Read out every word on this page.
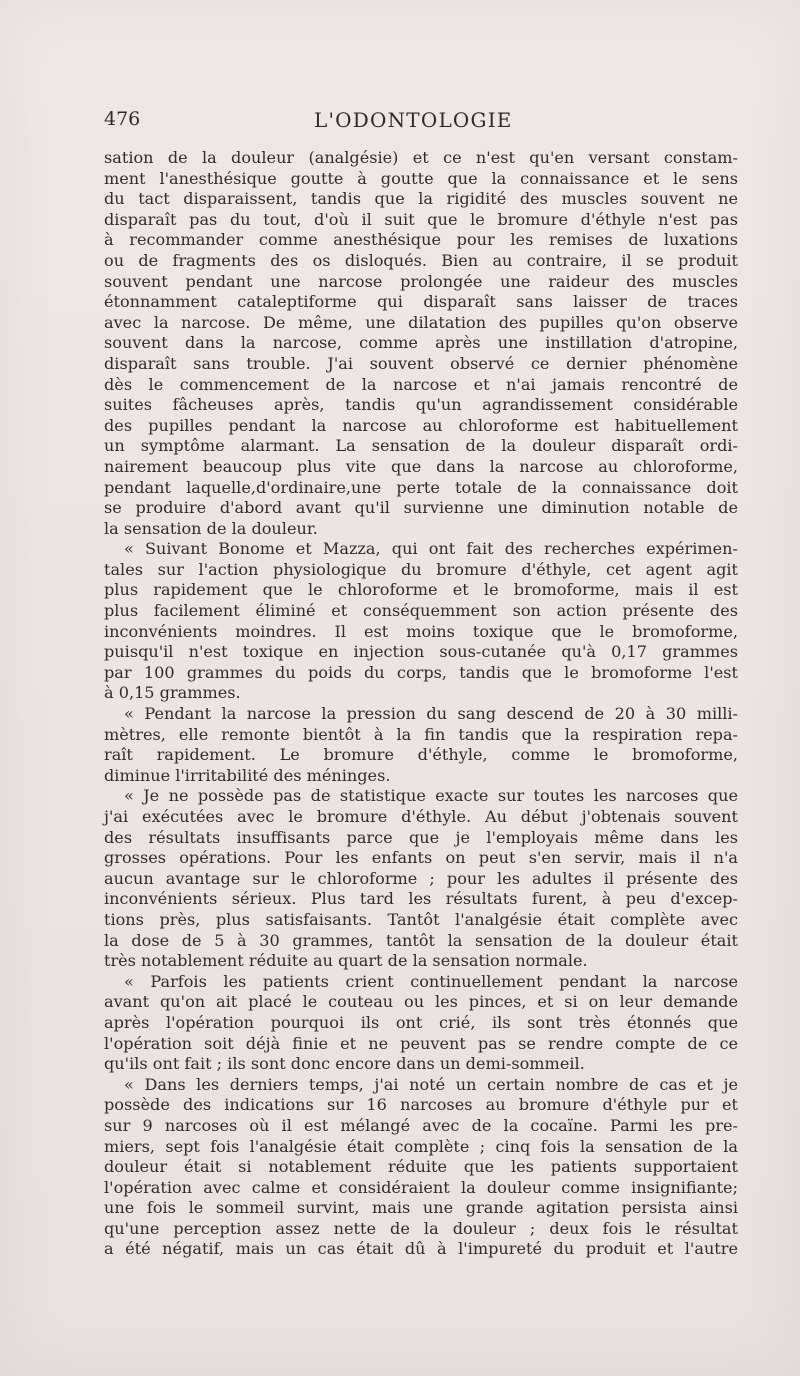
476	L'ODONTOLOGIE
sation de la douleur (analgésie) et ce n'est qu'en versant constam-
ment l'anesthésique goutte à goutte que la connaissance et le sens
du tact disparaissent, tandis que la rigidité des muscles souvent ne
disparaît pas du tout, d'où il suit que le bromure d'éthyle n'est pas
à recommander comme anesthésique pour les remises de luxations
ou de fragments des os disloqués. Bien au contraire, il se produit
souvent pendant une narcose prolongée une raideur des muscles
étonnamment cataleptiforme qui disparaît sans laisser de traces
avec la narcose. De même, une dilatation des pupilles qu'on observe
souvent dans la narcose, comme après une instillation d'atropine,
disparaît sans trouble. J'ai souvent observé ce dernier phénomène
dès le commencement de la narcose et n'ai jamais rencontré de
suites fâcheuses après, tandis qu'un agrandissement considérable
des pupilles pendant la narcose au chloroforme est habituellement
un symptôme alarmant. La sensation de la douleur disparaît ordi-
nairement beaucoup plus vite que dans la narcose au chloroforme,
pendant laquelle,d'ordinaire,une perte totale de la connaissance doit
se produire d'abord avant qu'il survienne une diminution notable de
la sensation de la douleur.
« Suivant Bonome et Mazza, qui ont fait des recherches expérimen-
tales sur l'action physiologique du bromure d'éthyle, cet agent agit
plus rapidement que le chloroforme et le bromoforme, mais il est
plus facilement éliminé et conséquemment son action présente des
inconvénients moindres. Il est moins toxique que le bromoforme,
puisqu'il n'est toxique en injection sous-cutanée qu'à 0,17 grammes
par 100 grammes du poids du corps, tandis que le bromoforme l'est
à 0,15 grammes.
« Pendant la narcose la pression du sang descend de 20 à 30 milli-
mètres, elle remonte bientôt à la fin tandis que la respiration repa-
raît rapidement. Le bromure d'éthyle, comme le bromoforme,
diminue l'irritabilité des méninges.
« Je ne possède pas de statistique exacte sur toutes les narcoses que
j'ai exécutées avec le bromure d'éthyle. Au début j'obtenais souvent
des résultats insuffisants parce que je l'employais même dans les
grosses opérations. Pour les enfants on peut s'en servir, mais il n'a
aucun avantage sur le chloroforme ; pour les adultes il présente des
inconvénients sérieux. Plus tard les résultats furent, à peu d'excep-
tions près, plus satisfaisants. Tantôt l'analgésie était complète avec
la dose de 5 à 30 grammes, tantôt la sensation de la douleur était
très notablement réduite au quart de la sensation normale.
« Parfois les patients crient continuellement pendant la narcose
avant qu'on ait placé le couteau ou les pinces, et si on leur demande
après l'opération pourquoi ils ont crié, ils sont très étonnés que
l'opération soit déjà finie et ne peuvent pas se rendre compte de ce
qu'ils ont fait ; ils sont donc encore dans un demi-sommeil.
« Dans les derniers temps, j'ai noté un certain nombre de cas et je
possède des indications sur 16 narcoses au bromure d'éthyle pur et
sur 9 narcoses où il est mélangé avec de la cocaïne. Parmi les pre-
miers, sept fois l'analgésie était complète ; cinq fois la sensation de la
douleur était si notablement réduite que les patients supportaient
l'opération avec calme et considéraient la douleur comme insignifiante;
une fois le sommeil survint, mais une grande agitation persista ainsi
qu'une perception assez nette de la douleur ; deux fois le résultat
a été négatif, mais un cas était dû à l'impureté du produit et l'autre
